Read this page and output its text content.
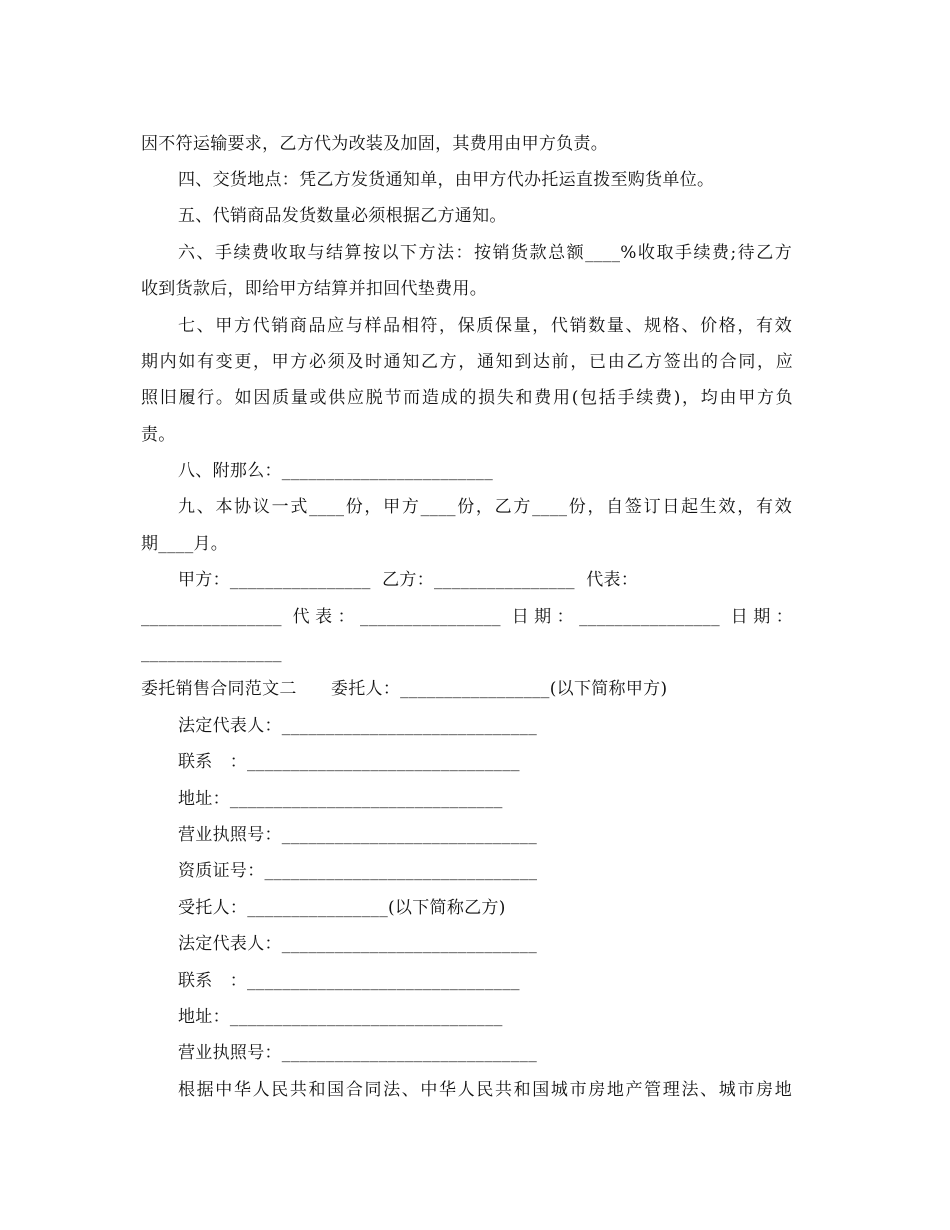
因不符运输要求，乙方代为改装及加固，其费用由甲方负责。
四、交货地点：凭乙方发货通知单，由甲方代办托运直拨至购货单位。
五、代销商品发货数量必须根据乙方通知。
六、手续费收取与结算按以下方法：按销货款总额____%收取手续费;待乙方
收到货款后，即给甲方结算并扣回代垫费用。
七、甲方代销商品应与样品相符，保质保量，代销数量、规格、价格，有效
期内如有变更，甲方必须及时通知乙方，通知到达前，已由乙方签出的合同，应
照旧履行。如因质量或供应脱节而造成的损失和费用(包括手续费)，均由甲方负
责。
八、附那么：________________________
九、本协议一式____份，甲方____份，乙方____份，自签订日起生效，有效
期____月。
甲方：________________  乙方：________________  代表：
________________ 代表：________________ 日期：________________ 日期：
________________
委托销售合同范文二      委托人：_________________(以下简称甲方)
法定代表人：_____________________________
联系   ：_______________________________
地址：_______________________________
营业执照号：_____________________________
资质证号：_______________________________
受托人：________________(以下简称乙方)
法定代表人：_____________________________
联系   ：_______________________________
地址：_______________________________
营业执照号：_____________________________
根据中华人民共和国合同法、中华人民共和国城市房地产管理法、城市房地
